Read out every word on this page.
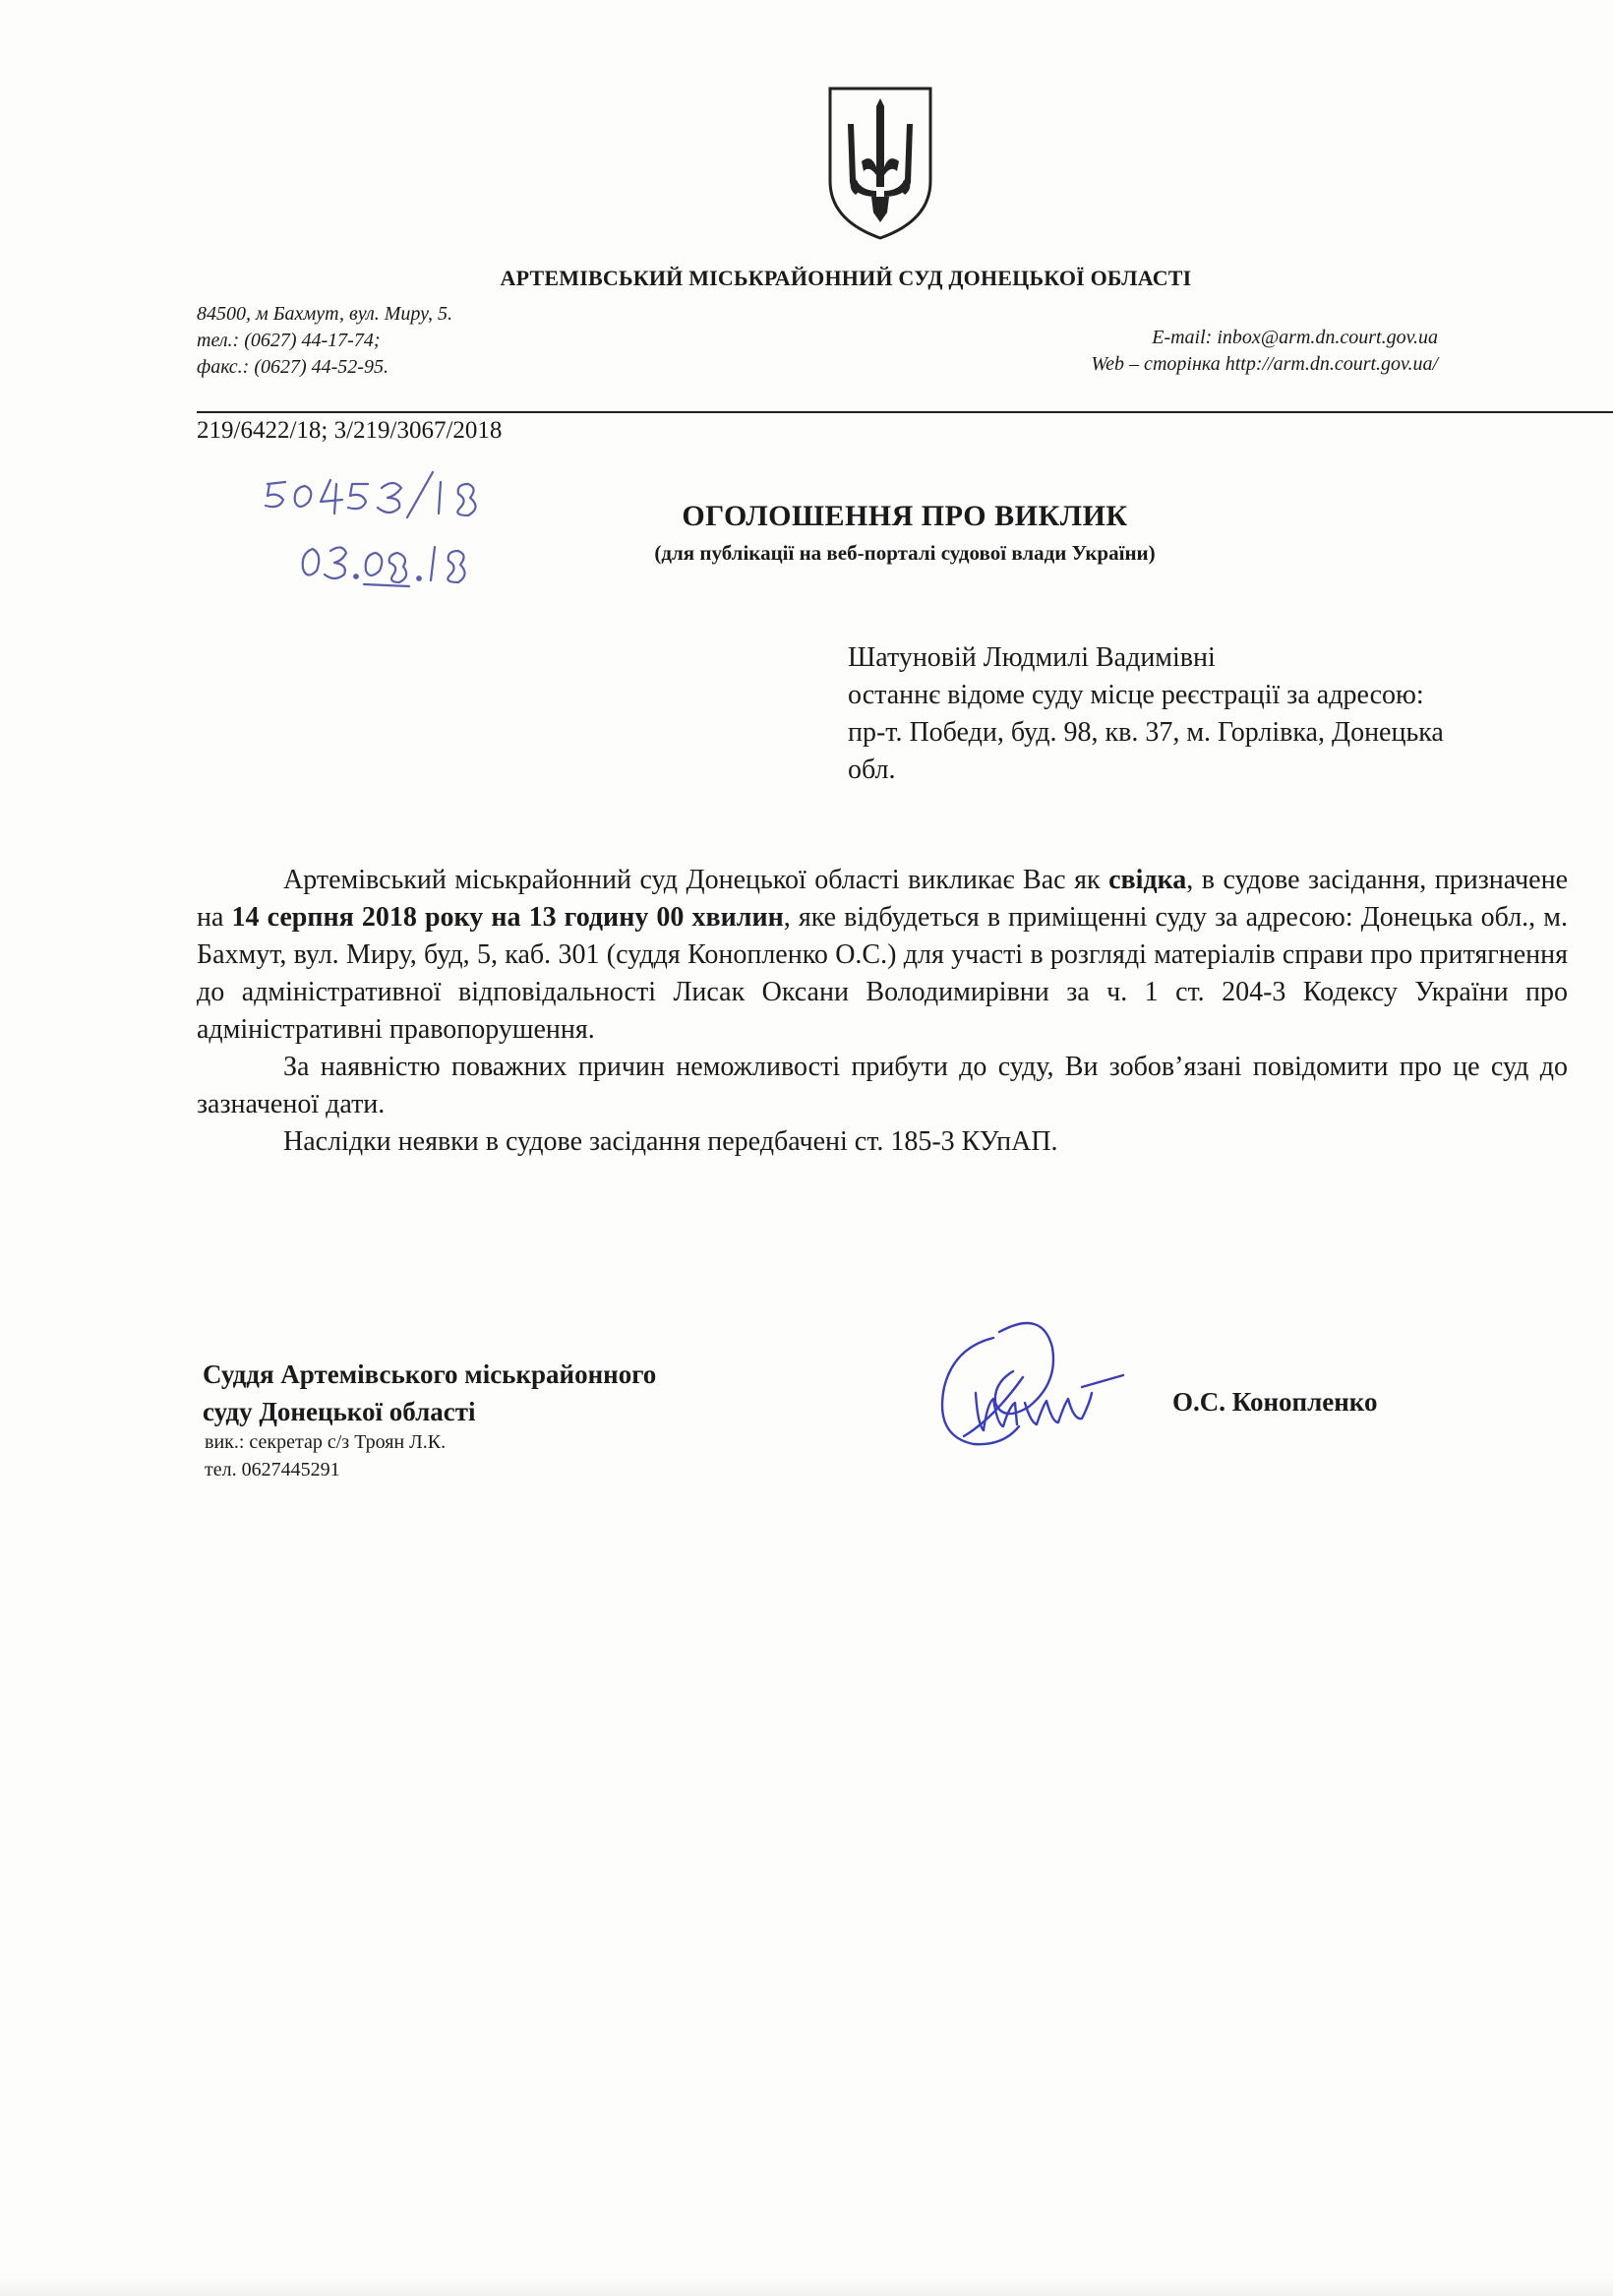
АРТЕМІВСЬКИЙ МІСЬКРАЙОННИЙ СУД ДОНЕЦЬКОЇ ОБЛАСТІ
84500, м Бахмут, вул. Миру, 5.
тел.: (0627) 44-17-74;
факс.: (0627) 44-52-95.
E-mail: inbox@arm.dn.court.gov.ua
Web – сторінка http://arm.dn.court.gov.ua/
219/6422/18; 3/219/3067/2018
ОГОЛОШЕННЯ ПРО ВИКЛИК
(для публікації на веб-порталі судової влади України)
Шатуновій Людмилі Вадимівні
останнє відоме суду місце реєстрації за адресою:
пр-т. Победи, буд. 98, кв. 37, м. Горлівка, Донецька
обл.

Артемівський міськрайонний суд Донецької області викликає Вас як свідка, в судове засідання, призначене на 14 серпня 2018 року на 13 годину 00 хвилин, яке відбудеться в приміщенні суду за адресою: Донецька обл., м. Бахмут, вул. Миру, буд, 5, каб. 301 (суддя Коноплeнко О.С.) для участі в розгляді матеріалів справи про притягнення до адміністративної відповідальності Лисак Оксани Володимирівни за ч. 1 ст. 204-3 Кодексу України про адміністративні правопорушення.

За наявністю поважних причин неможливості прибути до суду, Ви зобов’язані повідомити про це суд до зазначеної дати.

Наслідки неявки в судове засідання передбачені ст. 185-3 КУпАП.

Суддя Артемівського міськрайонного
суду Донецької області
вик.: секретар с/з Троян Л.К.
тел. 0627445291
О.С. Коноплeнко
